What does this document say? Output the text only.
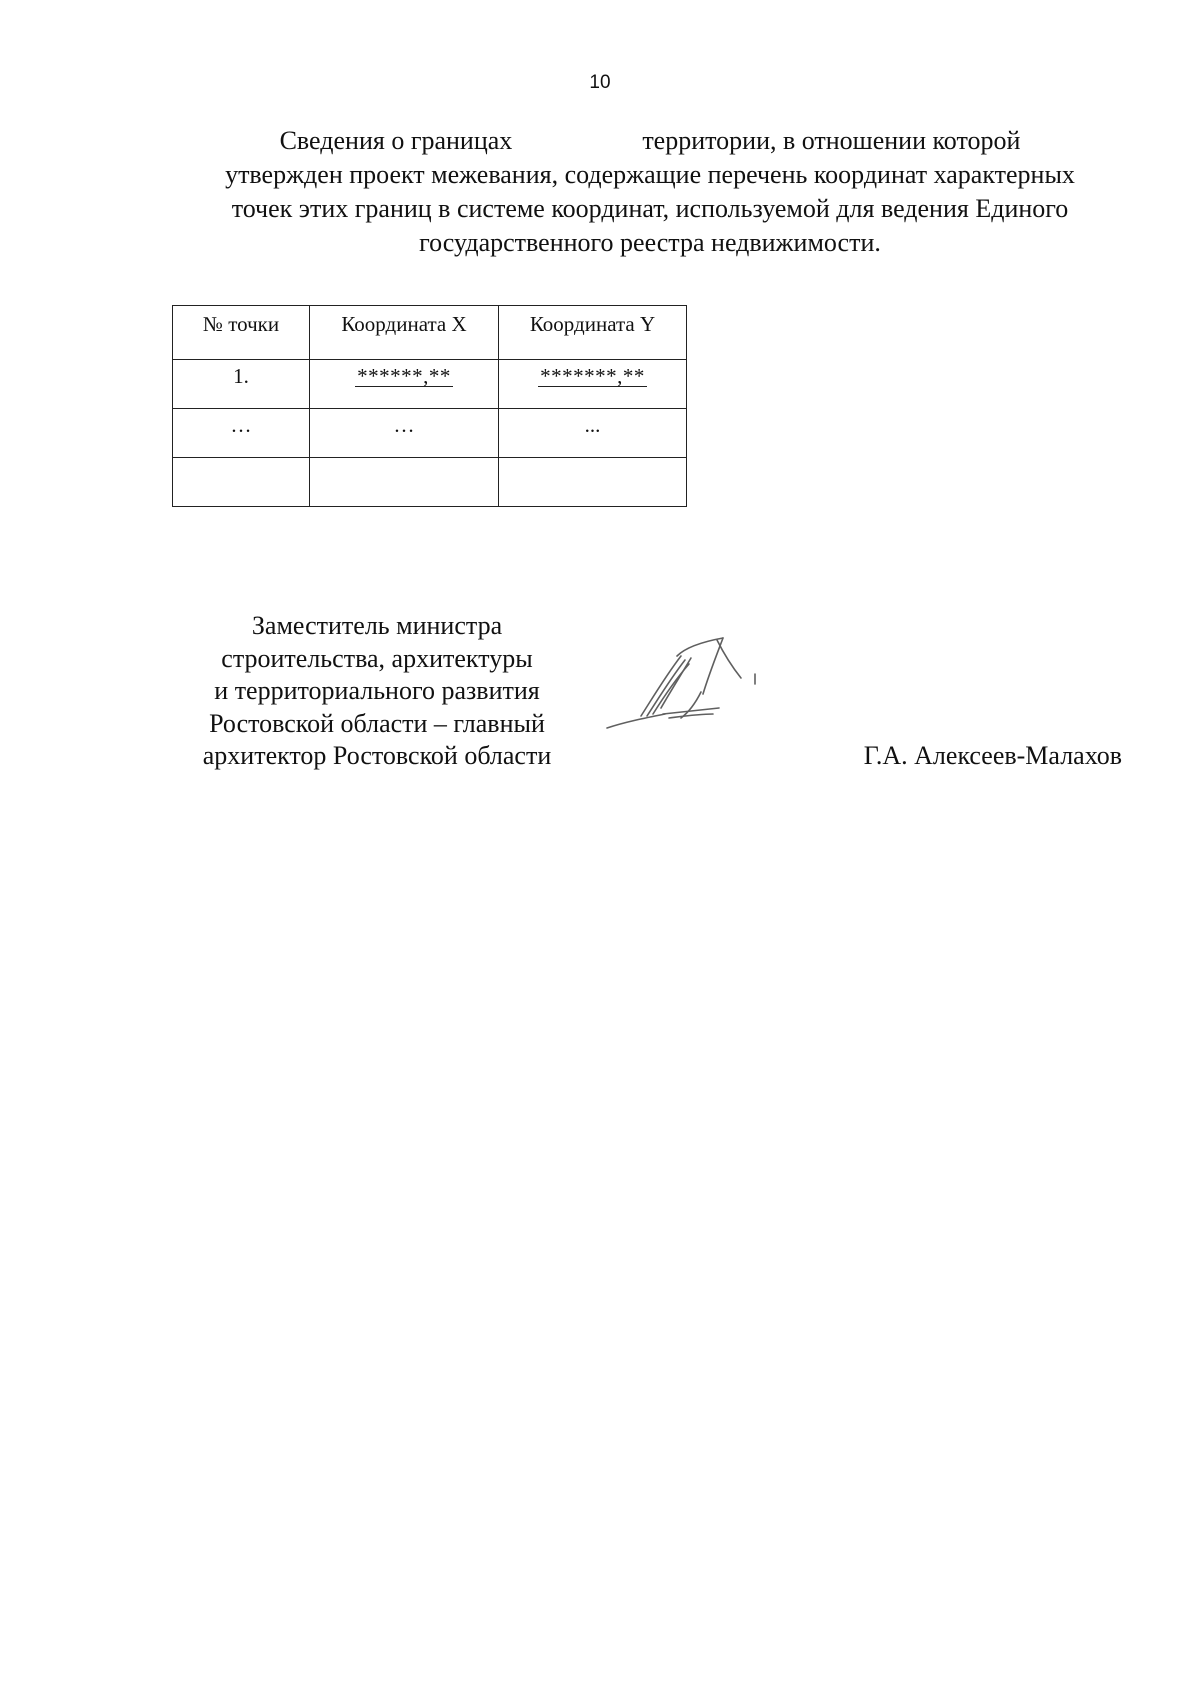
10
Сведения о границах	территории, в отношении которой
утвержден проект межевания, содержащие перечень координат характерных
точек этих границ в системе координат, используемой для ведения Единого
государственного реестра недвижимости.
№ точки	Координата X	Координата Y
1.	******,**	*******,**
…	…	...

Заместитель министра
строительства, архитектуры
и территориального развития
Ростовской области – главный
архитектор Ростовской области	Г.А. Алексеев-Малахов
